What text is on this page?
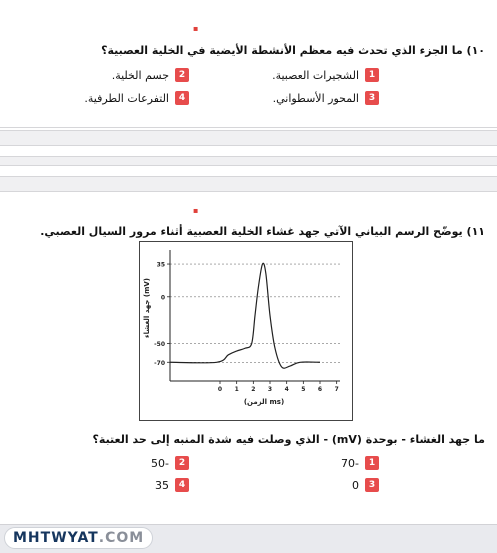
▪
١٠) ما الجزء الذي تحدث فيه معظم الأنشطة الأيضية في الخلية العصبية؟
1
الشجيرات العصبية.
2
جسم الخلية.
3
المحور الأسطواني.
4
التفرعات الطرفية.
▪
١١) يوضّح الرسم البياني الآتي جهد غشاء الخلية العصبية أثناء مرور السيال العصبي.
ما جهد الغشاء - بوحدة (mV) - الذي وصلت فيه شدة المنبه إلى حد العتبة؟
1
-70
2
-50
3
0
4
35
35
0
-50
-70
0 1 2 3 4 5 6 7
جهد الغشاء (mV)
(الزمن ms)
MHTWYAT .COM
